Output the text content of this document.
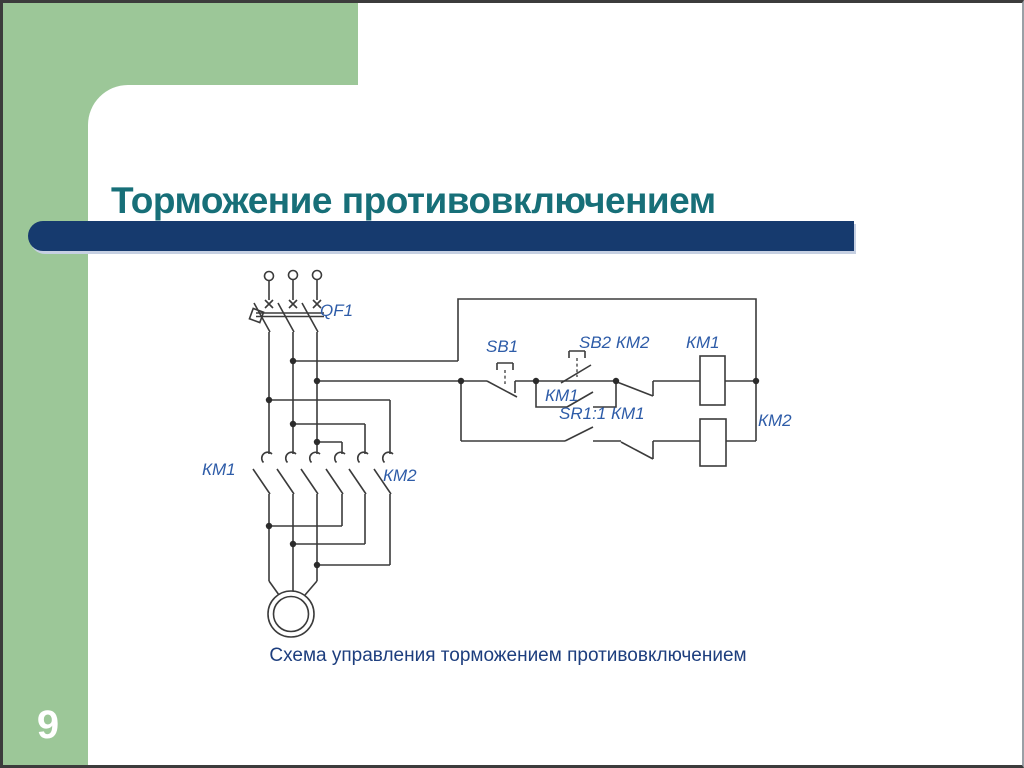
Торможение противовключением
QF1
КМ1	КМ2
SB1	SB2 КМ2
КМ1
КМ1
SR1:1 КМ1	КМ2
Схема управления торможением противовключением
9
